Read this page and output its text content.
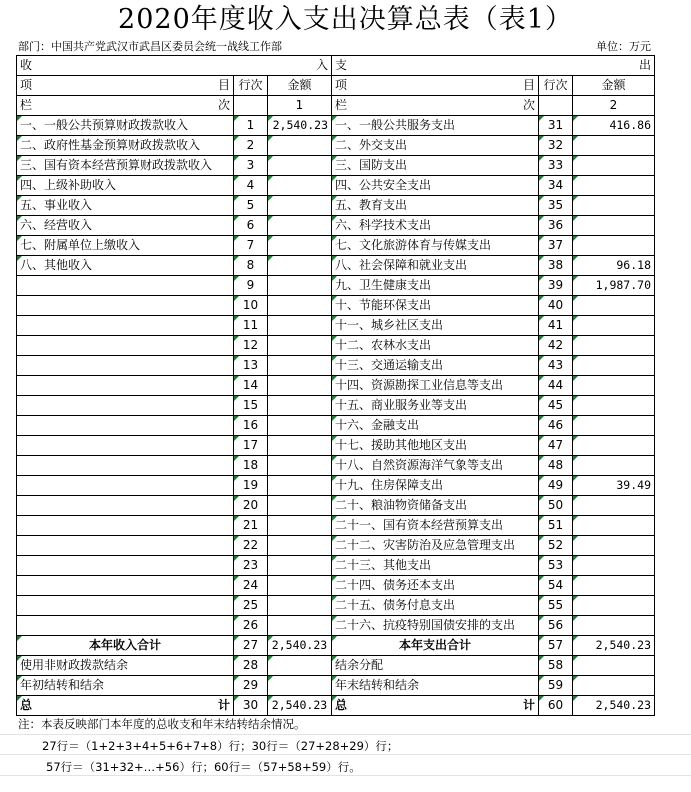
2020年度收入支出决算总表（表1）
部门：中国共产党武汉市武昌区委员会统一战线工作部	单位：万元
收 入			支 出		

项 目	行次	金额	项 目	行次	金额

栏 次		1	栏 次		2
一、一般公共预算财政拨款收入	1	2,540.23	一、一般公共服务支出	31	416.86
二、政府性基金预算财政拨款收入	2		二、外交支出	32	
三、国有资本经营预算财政拨款收入	3		三、国防支出	33	
四、上级补助收入	4		四、公共安全支出	34	
五、事业收入	5		五、教育支出	35	
六、经营收入	6		六、科学技术支出	36	
七、附属单位上缴收入	7		七、文化旅游体育与传媒支出	37	
八、其他收入	8		八、社会保障和就业支出	38	96.18
	9		九、卫生健康支出	39	1,987.70
	10		十、节能环保支出	40	
	11		十一、城乡社区支出	41	
	12		十二、农林水支出	42	
	13		十三、交通运输支出	43	
	14		十四、资源勘探工业信息等支出	44	
	15		十五、商业服务业等支出	45	
	16		十六、金融支出	46	
	17		十七、援助其他地区支出	47	
	18		十八、自然资源海洋气象等支出	48	
	19		十九、住房保障支出	49	39.49
	20		二十、粮油物资储备支出	50	
	21		二十一、国有资本经营预算支出	51	
	22		二十二、灾害防治及应急管理支出	52	
	23		二十三、其他支出	53	
	24		二十四、债务还本支出	54	
	25		二十五、债务付息支出	55	
	26		二十六、抗疫特别国债安排的支出	56	
本年收入合计	27	2,540.23	本年支出合计	57	2,540.23
使用非财政拨款结余	28		结余分配	58	
年初结转和结余	29		年末结转和结余	59	

总 计	30	2,540.23	总 计	60	2,540.23
注：本表反映部门本年度的总收支和年末结转结余情况。
27行＝（1+2+3+4+5+6+7+8）行；30行＝（27+28+29）行；
57行＝（31+32+…+56）行；60行＝（57+58+59）行。
